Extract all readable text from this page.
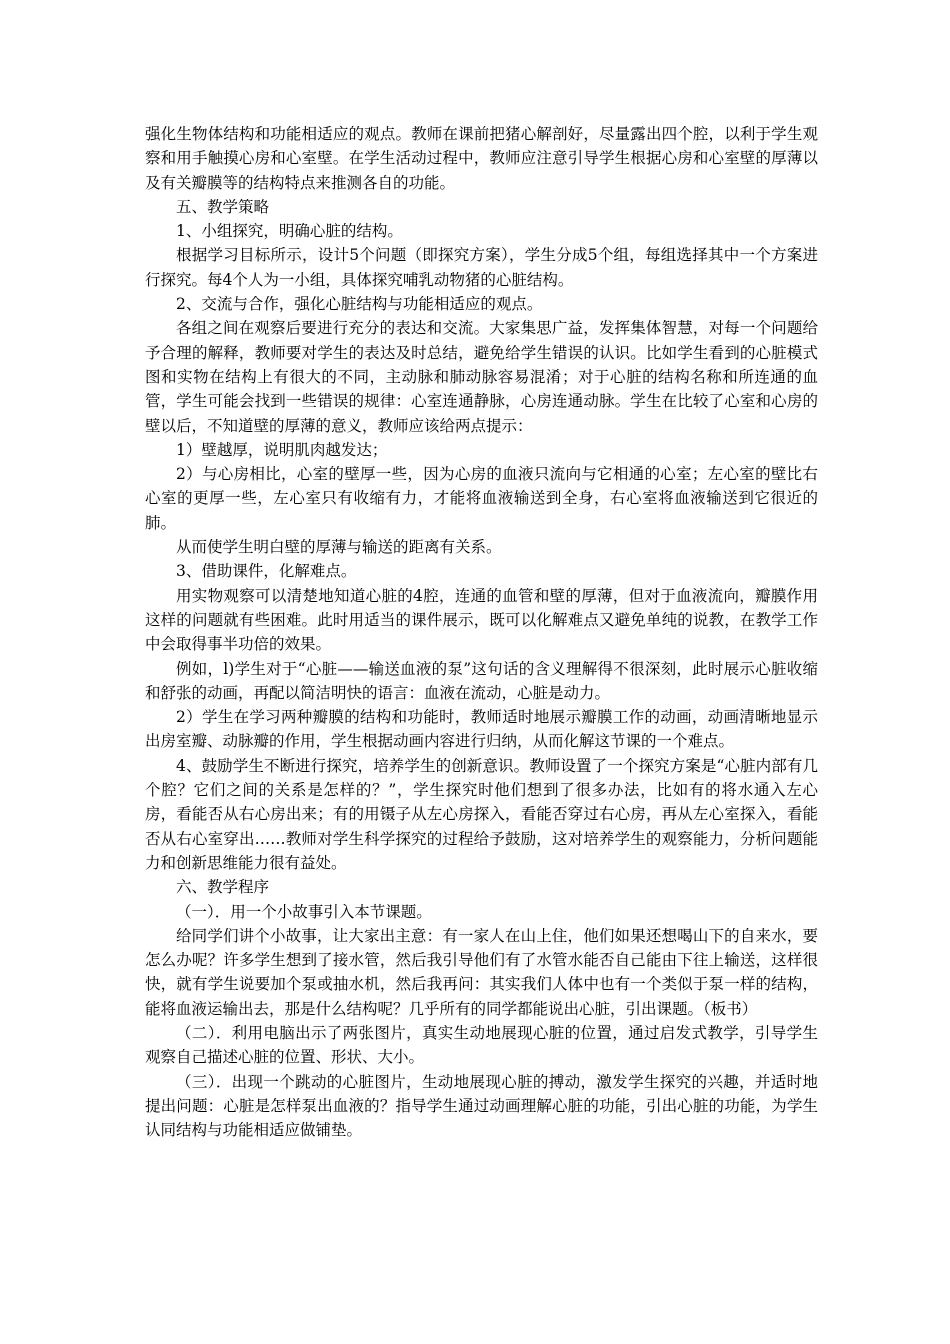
强化生物体结构和功能相适应的观点。教师在课前把猪心解剖好，尽量露出四个腔，以利于学生观察和用手触摸心房和心室壁。在学生活动过程中，教师应注意引导学生根据心房和心室壁的厚薄以及有关瓣膜等的结构特点来推测各自的功能。

五、教学策略

1、小组探究，明确心脏的结构。

根据学习目标所示，设计5个问题（即探究方案），学生分成5个组，每组选择其中一个方案进行探究。每4个人为一小组，具体探究哺乳动物猪的心脏结构。

2、交流与合作，强化心脏结构与功能相适应的观点。

各组之间在观察后要进行充分的表达和交流。大家集思广益，发挥集体智慧，对每一个问题给予合理的解释，教师要对学生的表达及时总结，避免给学生错误的认识。比如学生看到的心脏模式图和实物在结构上有很大的不同，主动脉和肺动脉容易混淆；对于心脏的结构名称和所连通的血管，学生可能会找到一些错误的规律：心室连通静脉，心房连通动脉。学生在比较了心室和心房的壁以后，不知道壁的厚薄的意义，教师应该给两点提示：

1）壁越厚，说明肌肉越发达；

2）与心房相比，心室的壁厚一些，因为心房的血液只流向与它相通的心室；左心室的壁比右心室的更厚一些，左心室只有收缩有力，才能将血液输送到全身，右心室将血液输送到它很近的肺。

从而使学生明白壁的厚薄与输送的距离有关系。

3、借助课件，化解难点。

用实物观察可以清楚地知道心脏的4腔，连通的血管和壁的厚薄，但对于血液流向，瓣膜作用这样的问题就有些困难。此时用适当的课件展示，既可以化解难点又避免单纯的说教，在教学工作中会取得事半功倍的效果。

例如，l)学生对于“心脏——输送血液的泵”这句话的含义理解得不很深刻，此时展示心脏收缩和舒张的动画，再配以简洁明快的语言：血液在流动，心脏是动力。

2）学生在学习两种瓣膜的结构和功能时，教师适时地展示瓣膜工作的动画，动画清晰地显示出房室瓣、动脉瓣的作用，学生根据动画内容进行归纳，从而化解这节课的一个难点。

4、鼓励学生不断进行探究，培养学生的创新意识。教师设置了一个探究方案是“心脏内部有几个腔？它们之间的关系是怎样的？”，学生探究时他们想到了很多办法，比如有的将水通入左心房，看能否从右心房出来；有的用镊子从左心房探入，看能否穿过右心房，再从左心室探入，看能否从右心室穿出……教师对学生科学探究的过程给予鼓励，这对培养学生的观察能力，分析问题能力和创新思维能力很有益处。

六、教学程序

（一）．用一个小故事引入本节课题。

给同学们讲个小故事，让大家出主意：有一家人在山上住，他们如果还想喝山下的自来水，要怎么办呢？许多学生想到了接水管，然后我引导他们有了水管水能否自己能由下往上输送，这样很快，就有学生说要加个泵或抽水机，然后我再问：其实我们人体中也有一个类似于泵一样的结构，能将血液运输出去，那是什么结构呢？几乎所有的同学都能说出心脏，引出课题。（板书）

（二）．利用电脑出示了两张图片，真实生动地展现心脏的位置，通过启发式教学，引导学生观察自己描述心脏的位置、形状、大小。

（三）．出现一个跳动的心脏图片，生动地展现心脏的搏动，激发学生探究的兴趣，并适时地提出问题：心脏是怎样泵出血液的？指导学生通过动画理解心脏的功能，引出心脏的功能，为学生认同结构与功能相适应做铺垫。
